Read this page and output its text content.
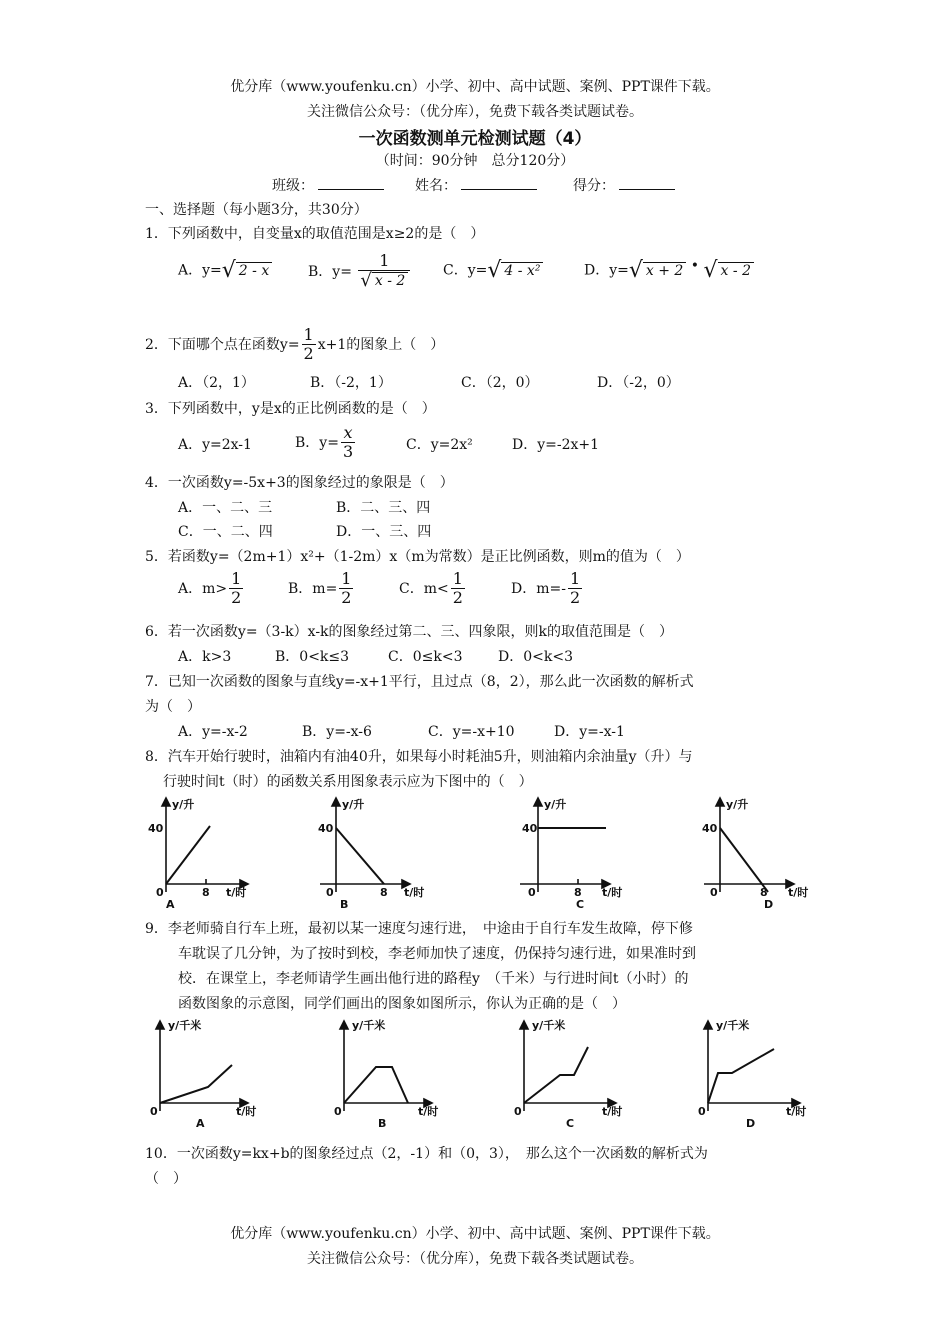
优分库（www.youfenku.cn）小学、初中、高中试题、案例、PPT课件下载。
关注微信公众号：（优分库），免费下载各类试题试卷。
一次函数测单元检测试题（4）
（时间：90分钟　总分120分）
班级：	姓名：	得分：
一、选择题（每小题3分，共30分）
1．下列函数中，自变量x的取值范围是x≥2的是（　）
A．y=√ 2 - x	B．$y= \frac{1}{√ x - 2}$ C．y=√ 4 - x²	D．y=√ x + 2 • √ x - 2
2．下面哪个点在函数$y= \frac{1}{2} x+1$的图象上（　）
A．（2，1）	B．（-2，1）	C．（2，0）	D．（-2，0）
3．下列函数中，y是x的正比例函数的是（　）
A．y=2x-1	B．$y= \frac{x}{3}$	C．y=2x²	D．y=-2x+1
4．一次函数y=-5x+3的图象经过的象限是（　）
A．一、二、三	B．二、三、四
C．一、二、四	D．一、三、四
5．若函数y=（2m+1）x²+（1-2m）x（m为常数）是正比例函数，则m的值为（　）
A．$m> \frac{1}{2}$	B．$m= \frac{1}{2}$	C．$m< \frac{1}{2}$	D．$m=- \frac{1}{2}$
6．若一次函数y=（3-k）x-k的图象经过第二、三、四象限，则k的取值范围是（　）
A．k>3	B．0<k≤3	C．0≤k<3	D．0<k<3
7．已知一次函数的图象与直线y=-x+1平行，且过点（8，2），那么此一次函数的解析式
为（　）
A．y=-x-2	B．y=-x-6	C．y=-x+10	D．y=-x-1
8．汽车开始行驶时，油箱内有油40升，如果每小时耗油5升，则油箱内余油量y（升）与
行驶时间t（时）的函数关系用图象表示应为下图中的（　）
y/升
40
0	8 t/时
A
y/升
40
0	8 t/时
B
y/升
40
0	8 t/时
C
y/升
40
0	8 t/时
D
9．李老师骑自行车上班，最初以某一速度匀速行进，　中途由于自行车发生故障，停下修
车耽误了几分钟，为了按时到校，李老师加快了速度，仍保持匀速行进，如果准时到
校．在课堂上，李老师请学生画出他行进的路程y　（千米）与行进时间t（小时）的
函数图象的示意图，同学们画出的图象如图所示，你认为正确的是（　）
y/千米
0	t/时
A
y/千米
0	t/时
B
y/千米
0	t/时
C
y/千米
0	t/时
D
10．一次函数y=kx+b的图象经过点（2，-1）和（0，3），　那么这个一次函数的解析式为
（　）
优分库（www.youfenku.cn）小学、初中、高中试题、案例、PPT课件下载。
关注微信公众号：（优分库），免费下载各类试题试卷。
